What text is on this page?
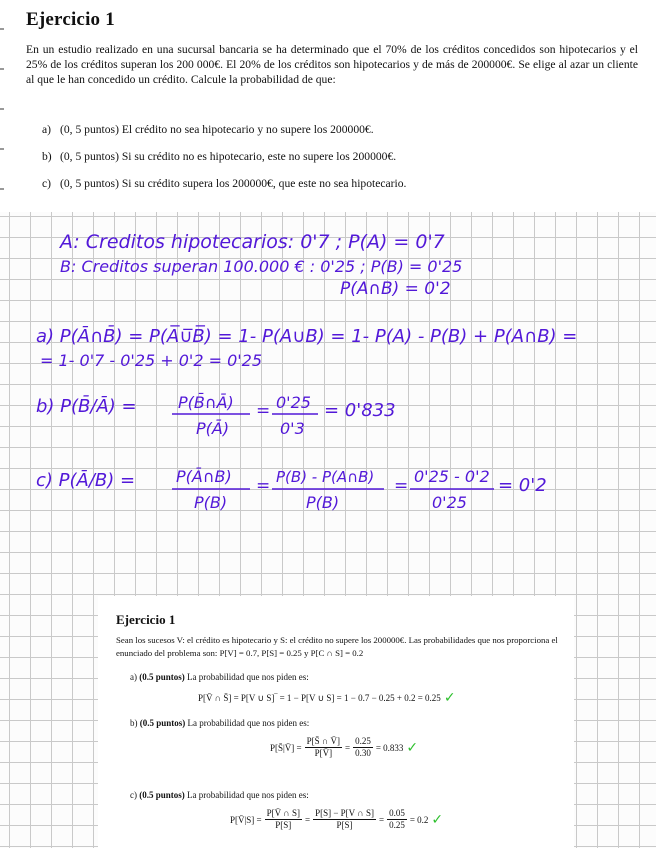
Ejercicio 1
En un estudio realizado en una sucursal bancaria se ha determinado que el 70% de los créditos concedidos son hipotecarios y el 25% de los créditos superan los 200 000€. El 20% de los créditos son hipotecarios y de más de 200000€. Se elige al azar un cliente al que le han concedido un crédito. Calcule la probabilidad de que:
a) (0, 5 puntos) El crédito no sea hipotecario y no supere los 200000€.
b) (0, 5 puntos) Si su crédito no es hipotecario, este no supere los 200000€.
c) (0, 5 puntos) Si su crédito supera los 200000€, que este no sea hipotecario.
A: Creditos hipotecarios: 0'7 ; P(A) = 0'7
B: Creditos superan 100.000 € : 0'25 ; P(B) = 0'25
P(A∩B) = 0'2
a) P(Ā∩B̄) = P(A̅∪̅B̅) = 1- P(A∪B) = 1- P(A) - P(B) + P(A∩B) =
= 1- 0'7 - 0'25 + 0'2 = 0'25
b) P(B̄/Ā) =	P(B̄∩Ā)
P(Ā)
= 0'25
0'3
= 0'833
c) P(Ā/B) =	P(Ā∩B)
P(B)
= P(B) - P(A∩B)
P(B)
= 0'25 - 0'2
0'25
= 0'2
Ejercicio 1
Sean los sucesos V: el crédito es hipotecario y S: el crédito no supere los 200000€. Las probabilidades que nos proporciona el enunciado del problema son: P[V] = 0.7, P[S] = 0.25 y P[C ∩ S] = 0.2
a) (0.5 puntos) La probabilidad que nos piden es:
P[V̄ ∩ S̄] = P[V ∪ S]‾ = 1 − P[V ∪ S] = 1 − 0.7 − 0.25 + 0.2 = 0.25 ✓
b) (0.5 puntos) La probabilidad que nos piden es:
P[S̄|V̄] = $\frac{P[S̄ \cap V̄]}{P[V̄]} = \frac{0.25}{0.30} = 0.833$ ✓
c) (0.5 puntos) La probabilidad que nos piden es:
P[V̄|S] = $\frac{P[V̄ \cap S]}{P[S]} = \frac{P[S] - P[V \cap S]}{P[S]} = \frac{0.05}{0.25} = 0.2$ ✓
